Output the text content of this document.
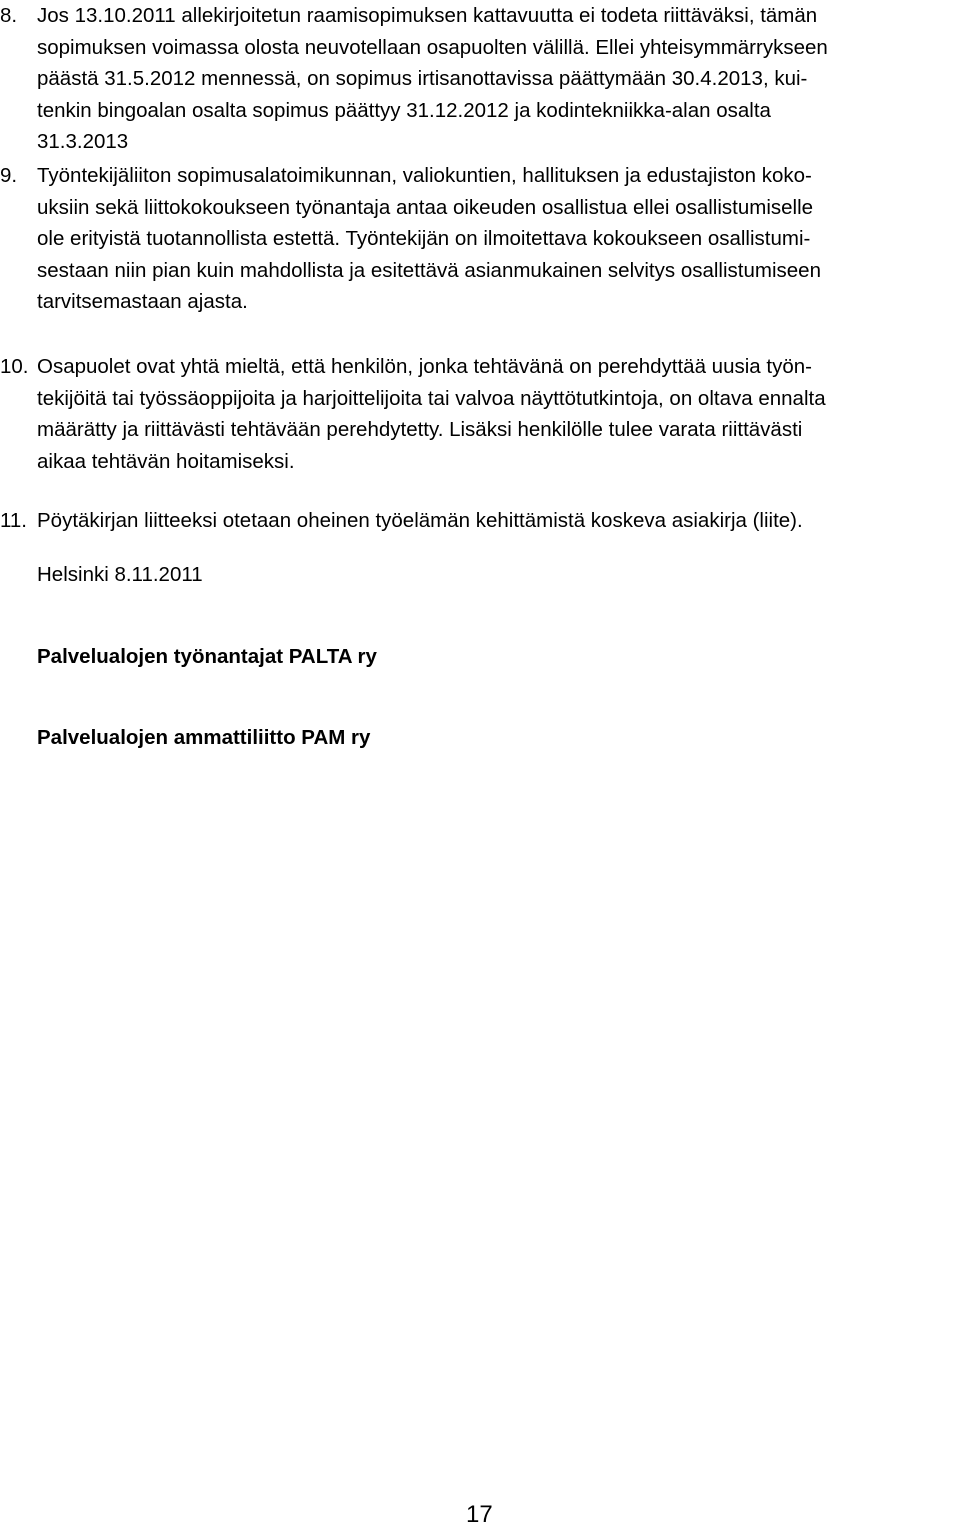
8. Jos 13.10.2011 allekirjoitetun raamisopimuksen kattavuutta ei todeta riittäväksi, tämän
sopimuksen voimassa olosta neuvotellaan osapuolten välillä. Ellei yhteisymmärrykseen
päästä 31.5.2012 mennessä, on sopimus irtisanottavissa päättymään 30.4.2013, kui-
tenkin bingoalan osalta sopimus päättyy 31.12.2012 ja kodintekniikka-alan osalta
31.3.2013
9. Työntekijäliiton sopimusalatoimikunnan, valiokuntien, hallituksen ja edustajiston koko-
uksiin sekä liittokokoukseen työnantaja antaa oikeuden osallistua ellei osallistumiselle
ole erityistä tuotannollista estettä. Työntekijän on ilmoitettava kokoukseen osallistumi-
sestaan niin pian kuin mahdollista ja esitettävä asianmukainen selvitys osallistumiseen
tarvitsemastaan ajasta.
10. Osapuolet ovat yhtä mieltä, että henkilön, jonka tehtävänä on perehdyttää uusia työn-
tekijöitä tai työssäoppijoita ja harjoittelijoita tai valvoa näyttötutkintoja, on oltava ennalta
määrätty ja riittävästi tehtävään perehdytetty. Lisäksi henkilölle tulee varata riittävästi
aikaa tehtävän hoitamiseksi.
11. Pöytäkirjan liitteeksi otetaan oheinen työelämän kehittämistä koskeva asiakirja (liite).
Helsinki 8.11.2011
Palvelualojen työnantajat PALTA ry
Palvelualojen ammattiliitto PAM ry
17
